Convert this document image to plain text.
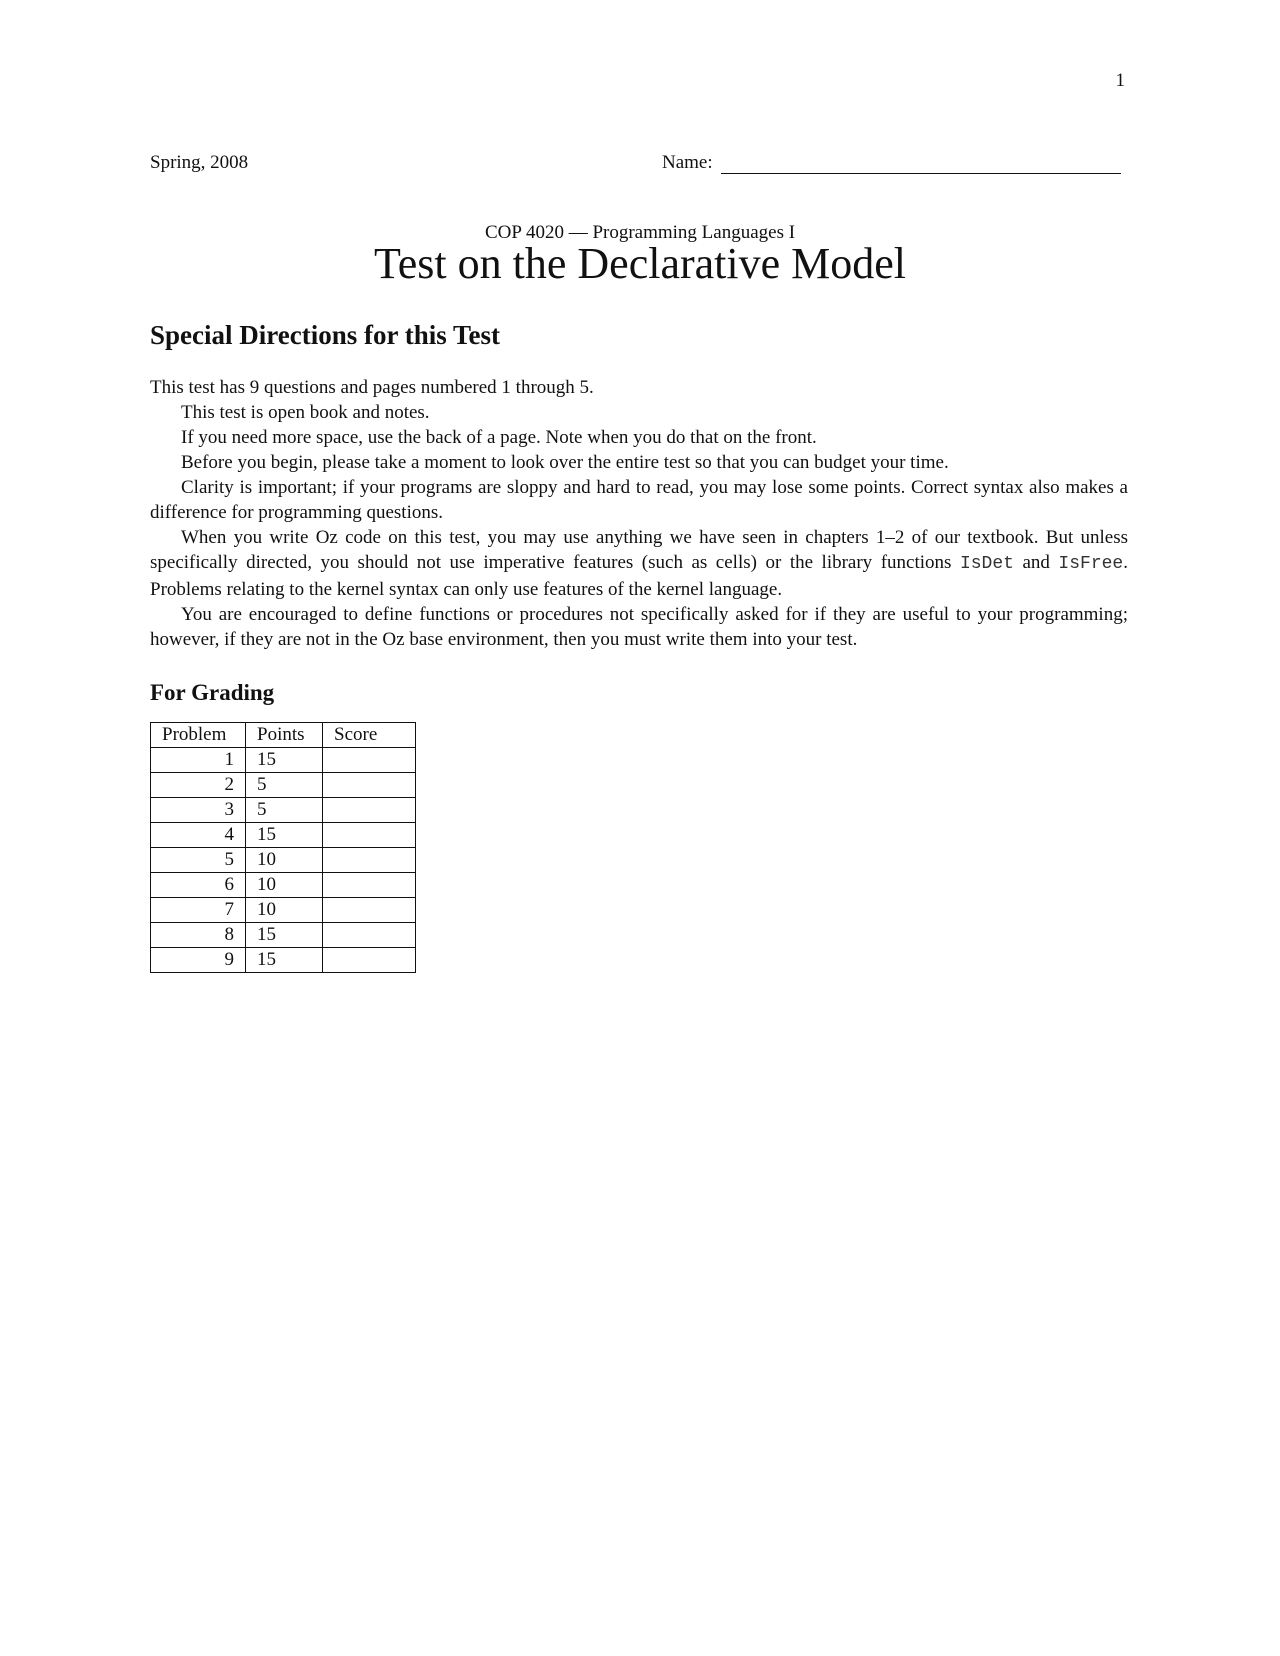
1
Spring, 2008	Name:
COP 4020 — Programming Languages I
Test on the Declarative Model
Special Directions for this Test

This test has 9 questions and pages numbered 1 through 5.

This test is open book and notes.

If you need more space, use the back of a page. Note when you do that on the front.

Before you begin, please take a moment to look over the entire test so that you can budget your time.

Clarity is important; if your programs are sloppy and hard to read, you may lose some points. Correct syntax also makes a difference for programming questions.

When you write Oz code on this test, you may use anything we have seen in chapters 1–2 of our textbook. But unless specifically directed, you should not use imperative features (such as cells) or the library functions IsDet and IsFree. Problems relating to the kernel syntax can only use features of the kernel language.

You are encouraged to define functions or procedures not specifically asked for if they are useful to your programming; however, if they are not in the Oz base environment, then you must write them into your test.

For Grading
Problem	Points	Score
1	15	
2	5	
3	5	
4	15	
5	10	
6	10	
7	10	
8	15	
9	15	
